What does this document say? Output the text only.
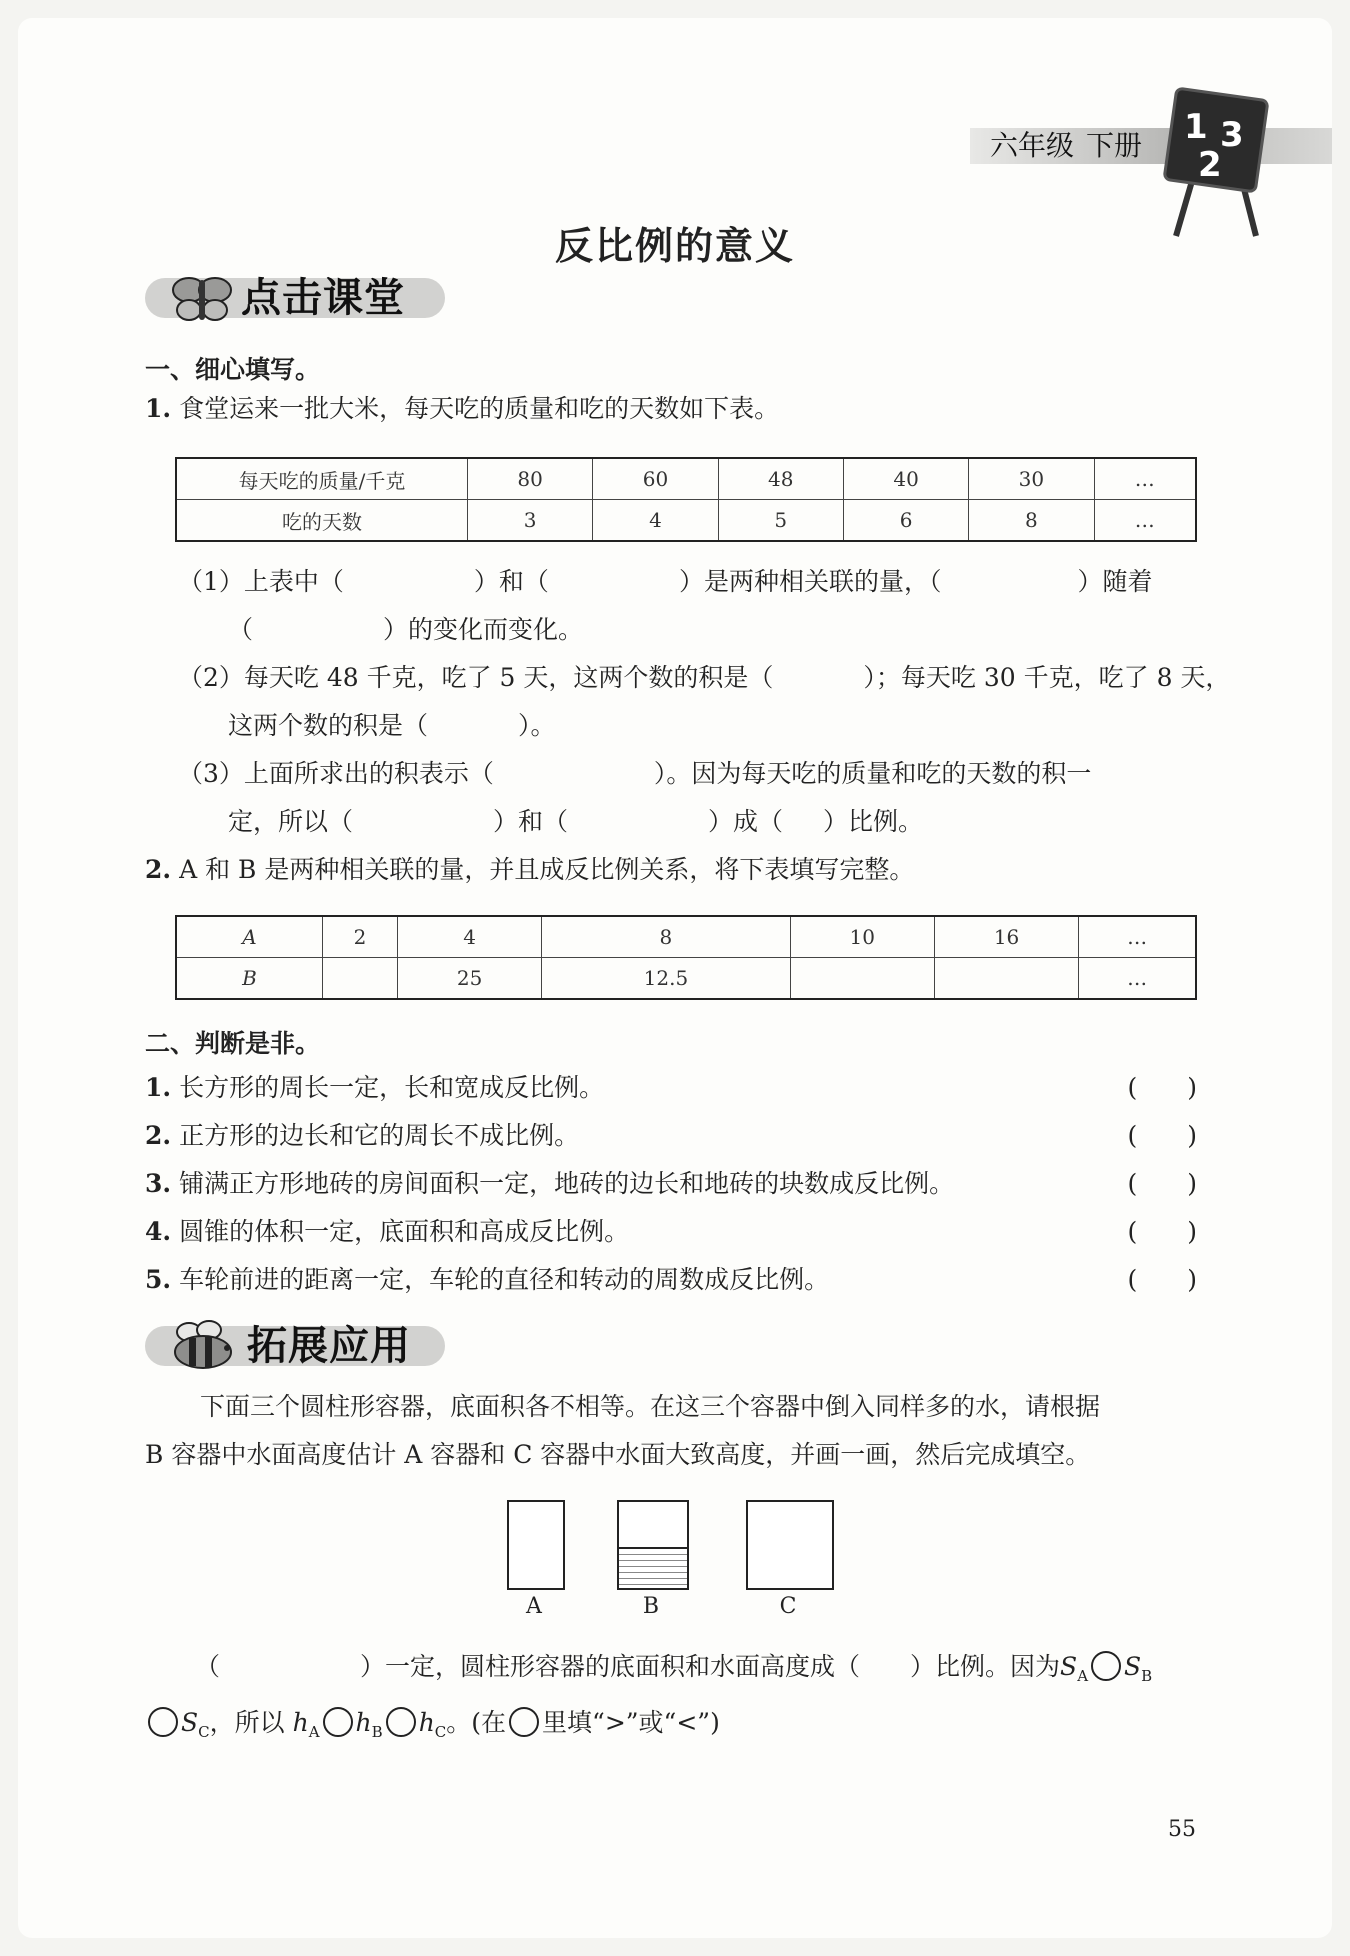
六年级 下册	1 3
2
反比例的意义
点击课堂
一、细心填写。
1. 食堂运来一批大米，每天吃的质量和吃的天数如下表。
每天吃的质量/千克	80	60	48	40	30	…
吃的天数	3	4	5	6	8	…
（1）上表中（	）和（	）是两种相关联的量，（	）随着
（	）的变化而变化。
（2）每天吃 48 千克，吃了 5 天，这两个数的积是（	）；每天吃 30 千克，吃了 8 天，
这两个数的积是（	）。
（3）上面所求出的积表示（	）。因为每天吃的质量和吃的天数的积一
定，所以（	）和（	）成（ ）比例。
2. A 和 B 是两种相关联的量，并且成反比例关系，将下表填写完整。
A	2	4	8	10	16	…
B		25	12.5			…
二、判断是非。
1. 长方形的周长一定，长和宽成反比例。	(　　)
2. 正方形的边长和它的周长不成比例。	(　　)
3. 铺满正方形地砖的房间面积一定，地砖的边长和地砖的块数成反比例。	(　　)
4. 圆锥的体积一定，底面积和高成反比例。	(　　)
5. 车轮前进的距离一定，车轮的直径和转动的周数成反比例。	(　　)
拓展应用
下面三个圆柱形容器，底面积各不相等。在这三个容器中倒入同样多的水，请根据
B 容器中水面高度估计 A 容器和 C 容器中水面大致高度，并画一画，然后完成填空。
A	B	C
（	）一定，圆柱形容器的底面积和水面高度成（ ）比例。因为$S_A$ $S_B$
$S_C$，所以 $h_A$ $h_B$ $h_C$。(在 里填“>”或“<”)
55
